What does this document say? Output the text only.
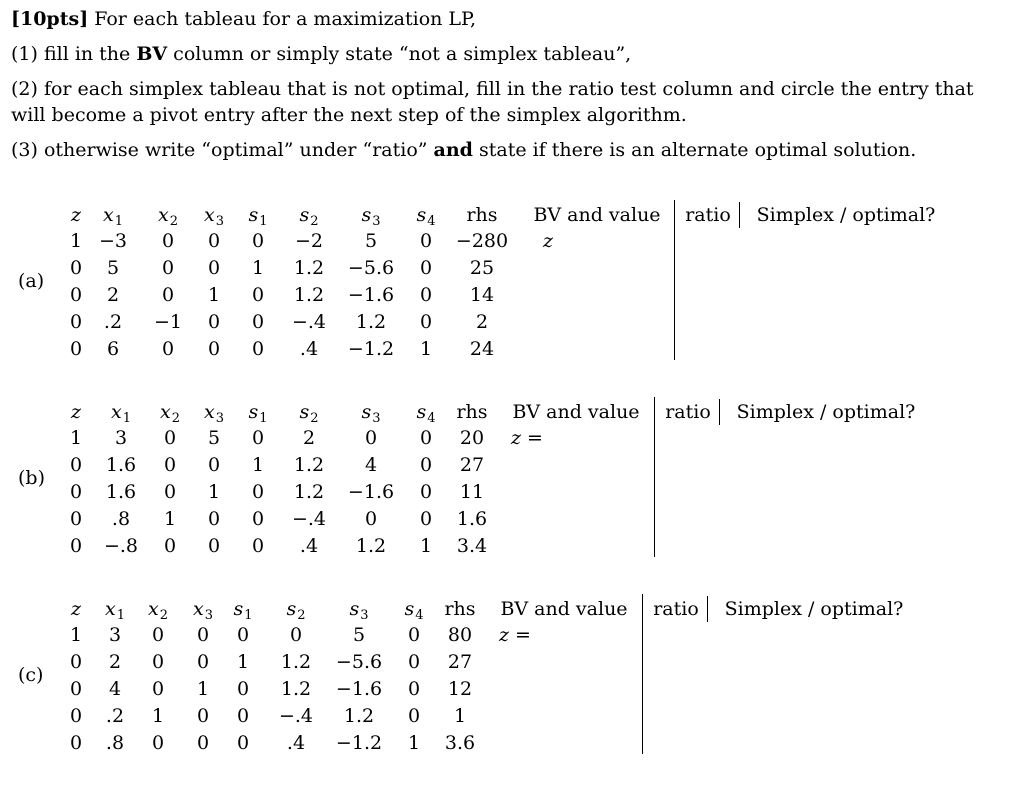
[10pts] For each tableau for a maximization LP,

(1) fill in the BV column or simply state “not a simplex tableau”,

(2) for each simplex tableau that is not optimal, fill in the ratio test column and circle the entry that

will become a pivot entry after the next step of the simplex algorithm.

(3) otherwise write “optimal” under “ratio” and state if there is an alternate optimal solution.

(a)
z $x_1$ $x_2$ $x_3$ $s_1$ $s_2$ $s_3$ $s_4$ rhs BV and value ratio Simplex / optimal?
1 −3 0 0 0 −2 5 0 −280
0 5 0 0 1 1.2 −5.6 0 25
0 2 0 1 0 1.2 −1.6 0 14
0 .2 −1 0 0 −.4 1.2 0 2
0 6 0 0 0 .4 −1.2 1 24
z
(b)
z $x_1$ $x_2$ $x_3$ $s_1$ $s_2$ $s_3$ $s_4$ rhs BV and value ratio Simplex / optimal?
1 3 0 5 0 2	0 0 20
0 1.6 0 0 1 1.2 4 0 27
0 1.6 0 1 0 1.2 −1.6 0 11
0 .8 1 0 0 −.4 0 0 1.6
0 −.8 0 0 0 .4 1.2 1 3.4
z =
(c)
z $x_1$ $x_2$ $x_3$ $s_1$ $s_2$ $s_3$ $s_4$ rhs BV and value ratio Simplex / optimal?
1 3 0 0 0 0	5 0 80
0 2 0 0 1 1.2 −5.6 0 27
0 4 0 1 0 1.2 −1.6 0 12
0 .2 1 0 0 −.4 1.2 0 1
0 .8 0 0 0 .4 −1.2 1 3.6
z =
